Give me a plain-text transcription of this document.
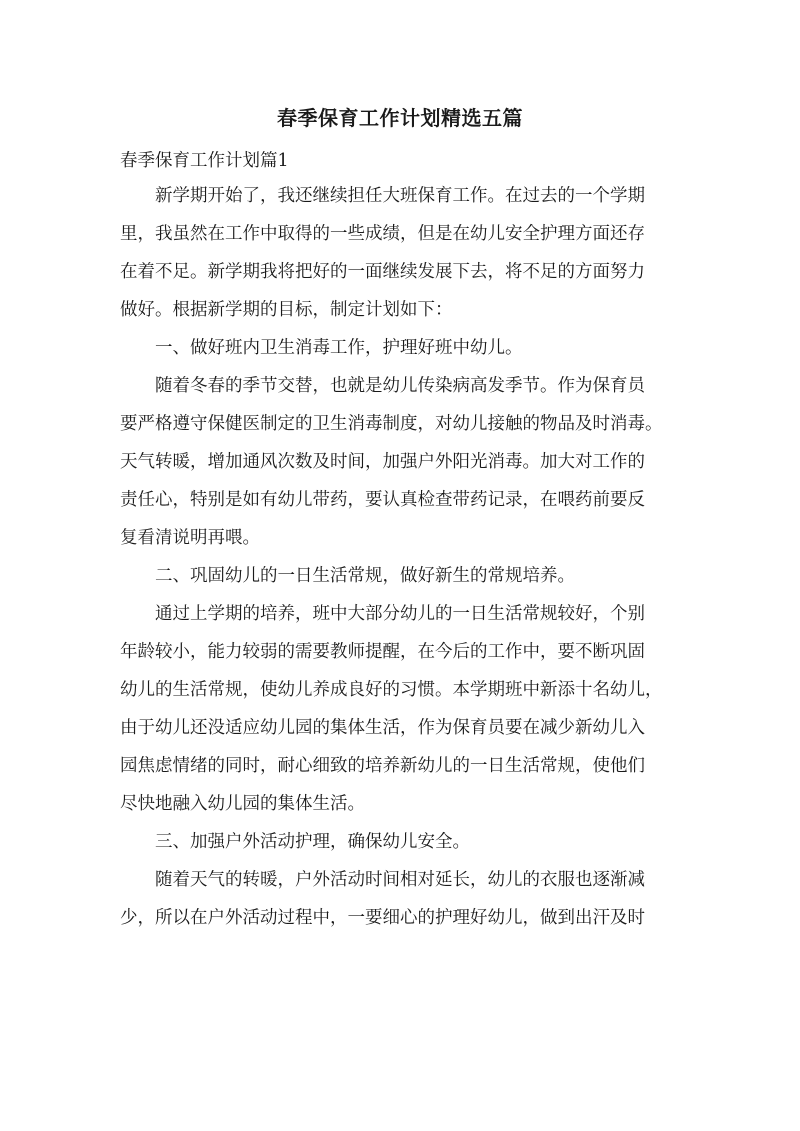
春季保育工作计划精选五篇
春季保育工作计划篇1
新学期开始了，我还继续担任大班保育工作。在过去的一个学期
里，我虽然在工作中取得的一些成绩，但是在幼儿安全护理方面还存
在着不足。新学期我将把好的一面继续发展下去，将不足的方面努力
做好。根据新学期的目标，制定计划如下：
一、做好班内卫生消毒工作，护理好班中幼儿。
随着冬春的季节交替，也就是幼儿传染病高发季节。作为保育员
要严格遵守保健医制定的卫生消毒制度，对幼儿接触的物品及时消毒。
天气转暖，增加通风次数及时间，加强户外阳光消毒。加大对工作的
责任心，特别是如有幼儿带药，要认真检查带药记录，在喂药前要反
复看清说明再喂。
二、巩固幼儿的一日生活常规，做好新生的常规培养。
通过上学期的培养，班中大部分幼儿的一日生活常规较好，个别
年龄较小，能力较弱的需要教师提醒，在今后的工作中，要不断巩固
幼儿的生活常规，使幼儿养成良好的习惯。本学期班中新添十名幼儿，
由于幼儿还没适应幼儿园的集体生活，作为保育员要在减少新幼儿入
园焦虑情绪的同时，耐心细致的培养新幼儿的一日生活常规，使他们
尽快地融入幼儿园的集体生活。
三、加强户外活动护理，确保幼儿安全。
随着天气的转暖，户外活动时间相对延长，幼儿的衣服也逐渐减
少，所以在户外活动过程中，一要细心的护理好幼儿，做到出汗及时
